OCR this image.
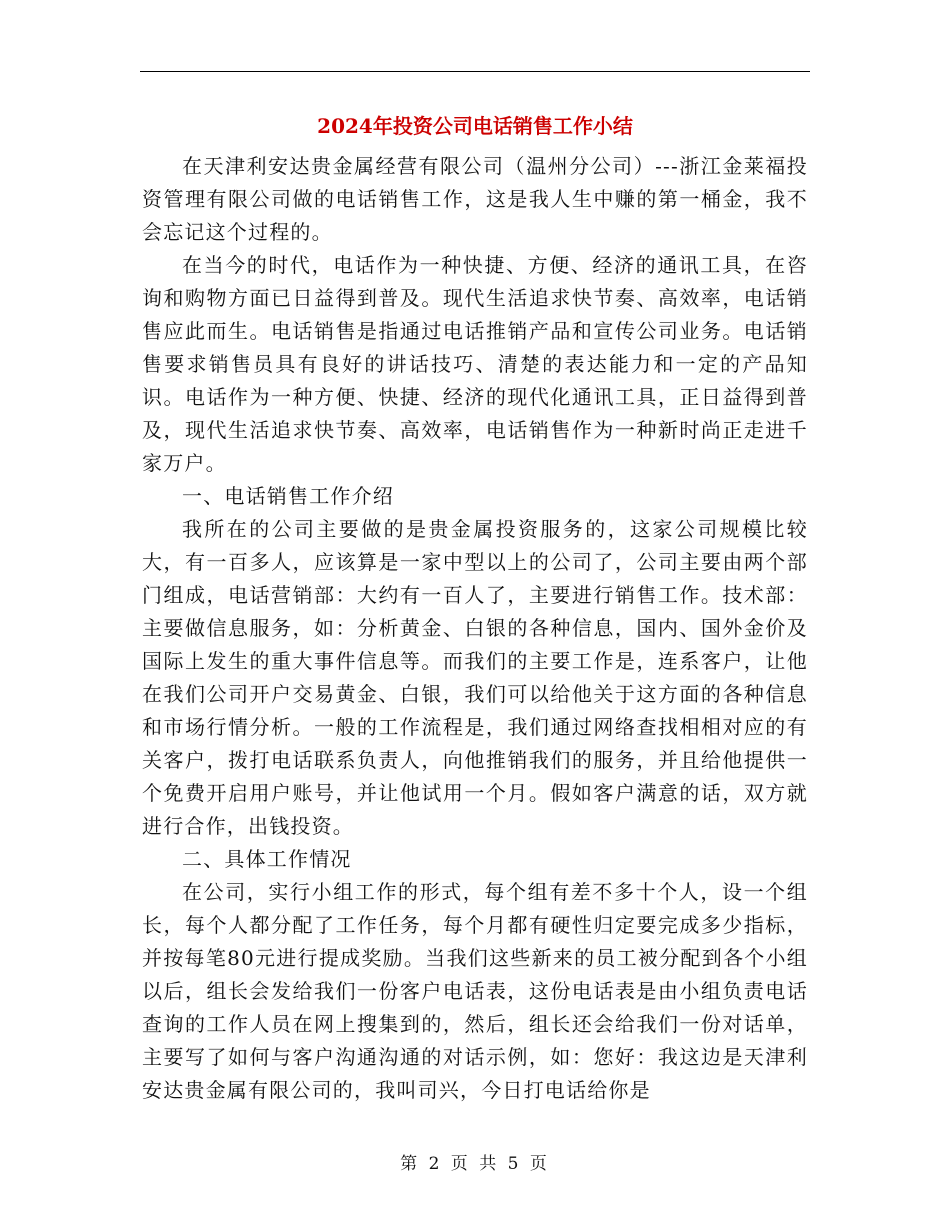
2024年投资公司电话销售工作小结

在天津利安达贵金属经营有限公司（温州分公司）---浙江金莱福投资管理有限公司做的电话销售工作，这是我人生中赚的第一桶金，我不会忘记这个过程的。

在当今的时代，电话作为一种快捷、方便、经济的通讯工具，在咨询和购物方面已日益得到普及。现代生活追求快节奏、高效率，电话销售应此而生。电话销售是指通过电话推销产品和宣传公司业务。电话销售要求销售员具有良好的讲话技巧、清楚的表达能力和一定的产品知识。电话作为一种方便、快捷、经济的现代化通讯工具，正日益得到普及，现代生活追求快节奏、高效率，电话销售作为一种新时尚正走进千家万户。

一、电话销售工作介绍

我所在的公司主要做的是贵金属投资服务的，这家公司规模比较大，有一百多人，应该算是一家中型以上的公司了，公司主要由两个部门组成，电话营销部：大约有一百人了，主要进行销售工作。技术部：主要做信息服务，如：分析黄金、白银的各种信息，国内、国外金价及国际上发生的重大事件信息等。而我们的主要工作是，连系客户，让他在我们公司开户交易黄金、白银，我们可以给他关于这方面的各种信息和市场行情分析。一般的工作流程是，我们通过网络查找相相对应的有关客户，拨打电话联系负责人，向他推销我们的服务，并且给他提供一个免费开启用户账号，并让他试用一个月。假如客户满意的话，双方就进行合作，出钱投资。

二、具体工作情况

在公司，实行小组工作的形式，每个组有差不多十个人，设一个组长，每个人都分配了工作任务，每个月都有硬性归定要完成多少指标，并按每笔80元进行提成奖励。当我们这些新来的员工被分配到各个小组以后，组长会发给我们一份客户电话表，这份电话表是由小组负责电话查询的工作人员在网上搜集到的，然后，组长还会给我们一份对话单，主要写了如何与客户沟通沟通的对话示例，如：您好：我这边是天津利安达贵金属有限公司的，我叫司兴，今日打电话给你是

第 2 页 共 5 页
